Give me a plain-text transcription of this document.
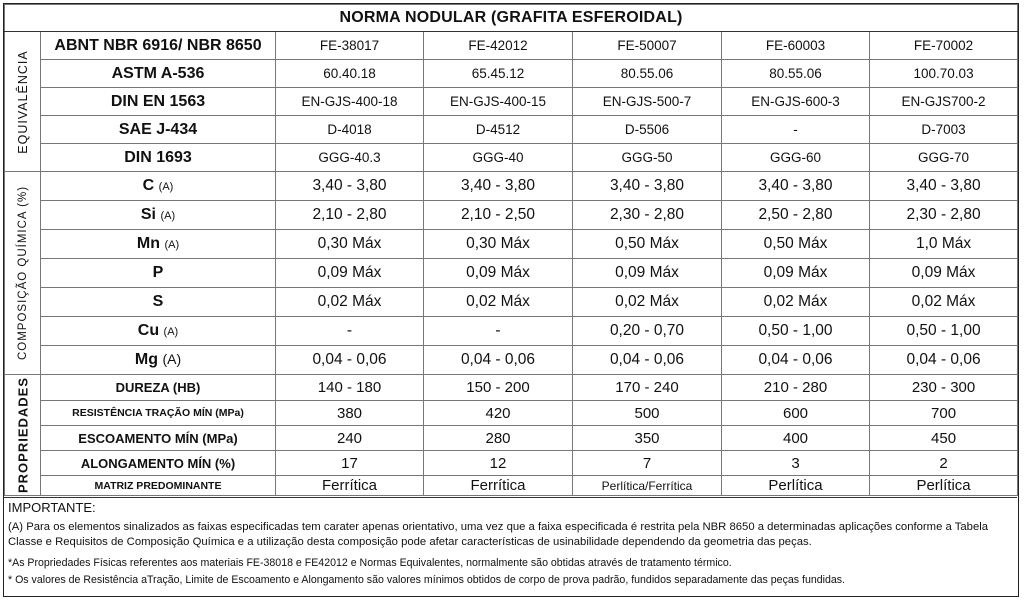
NORMA NODULAR (GRAFITA ESFEROIDAL)						

EQUIVALÊNCIA	ABNT NBR 6916/ NBR 8650	FE-38017	FE-42012	FE-50007	FE-60003	FE-70002
	ASTM A-536	60.40.18	65.45.12	80.55.06	80.55.06	100.70.03
	DIN EN 1563	EN-GJS-400-18	EN-GJS-400-15	EN-GJS-500-7	EN-GJS-600-3	EN-GJS700-2
	SAE J-434	D-4018	D-4512	D-5506	-	D-7003
	DIN 1693	GGG-40.3	GGG-40	GGG-50	GGG-60	GGG-70

COMPOSIÇÃO QUÍMICA (%)	C (A)	3,40 - 3,80	3,40 - 3,80	3,40 - 3,80	3,40 - 3,80	3,40 - 3,80
	Si (A)	2,10 - 2,80	2,10 - 2,50	2,30 - 2,80	2,50 - 2,80	2,30 - 2,80
	Mn (A)	0,30 Máx	0,30 Máx	0,50 Máx	0,50 Máx	1,0 Máx
	P	0,09 Máx	0,09 Máx	0,09 Máx	0,09 Máx	0,09 Máx
	S	0,02 Máx	0,02 Máx	0,02 Máx	0,02 Máx	0,02 Máx
	Cu (A)	-	-	0,20 - 0,70	0,50 - 1,00	0,50 - 1,00
	Mg (A)	0,04 - 0,06	0,04 - 0,06	0,04 - 0,06	0,04 - 0,06	0,04 - 0,06

PROPRIEDADES	DUREZA (HB)	140 - 180	150 - 200	170 - 240	210 - 280	230 - 300
	RESISTÊNCIA TRAÇÃO MÍN (MPa)	380	420	500	600	700
	ESCOAMENTO MÍN (MPa)	240	280	350	400	450
	ALONGAMENTO MÍN (%)	17	12	7	3	2
	MATRIZ PREDOMINANTE	Ferrítica	Ferrítica	Perlítica/Ferrítica	Perlítica	Perlítica
IMPORTANTE:

(A) Para os elementos sinalizados as faixas especificadas tem carater apenas orientativo, uma vez que a faixa especificada é restrita pela NBR 8650 a determinadas aplicações conforme a Tabela Classe e Requisitos de Composição Química e a utilização desta composição pode afetar características de usinabilidade dependendo da geometria das peças.

*As Propriedades Físicas referentes aos materiais FE-38018 e FE42012 e Normas Equivalentes, normalmente são obtidas através de tratamento térmico.

* Os valores de Resistência aTração, Limite de Escoamento e Alongamento são valores mínimos obtidos de corpo de prova padrão, fundidos separadamente das peças fundidas.
